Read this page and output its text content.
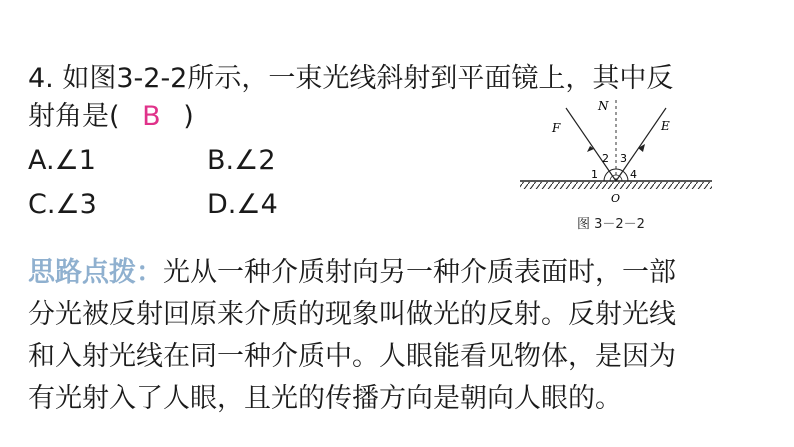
4. 如图3-2-2所示，一束光线斜射到平面镜上，其中反
射角是( B )
A.∠1	B.∠2
C.∠3	D.∠4
N
F	E
O
2 3
1	4
图 3－2－2
思路点拨：光从一种介质射向另一种介质表面时，一部
分光被反射回原来介质的现象叫做光的反射。反射光线
和入射光线在同一种介质中。人眼能看见物体，是因为
有光射入了人眼，且光的传播方向是朝向人眼的。
